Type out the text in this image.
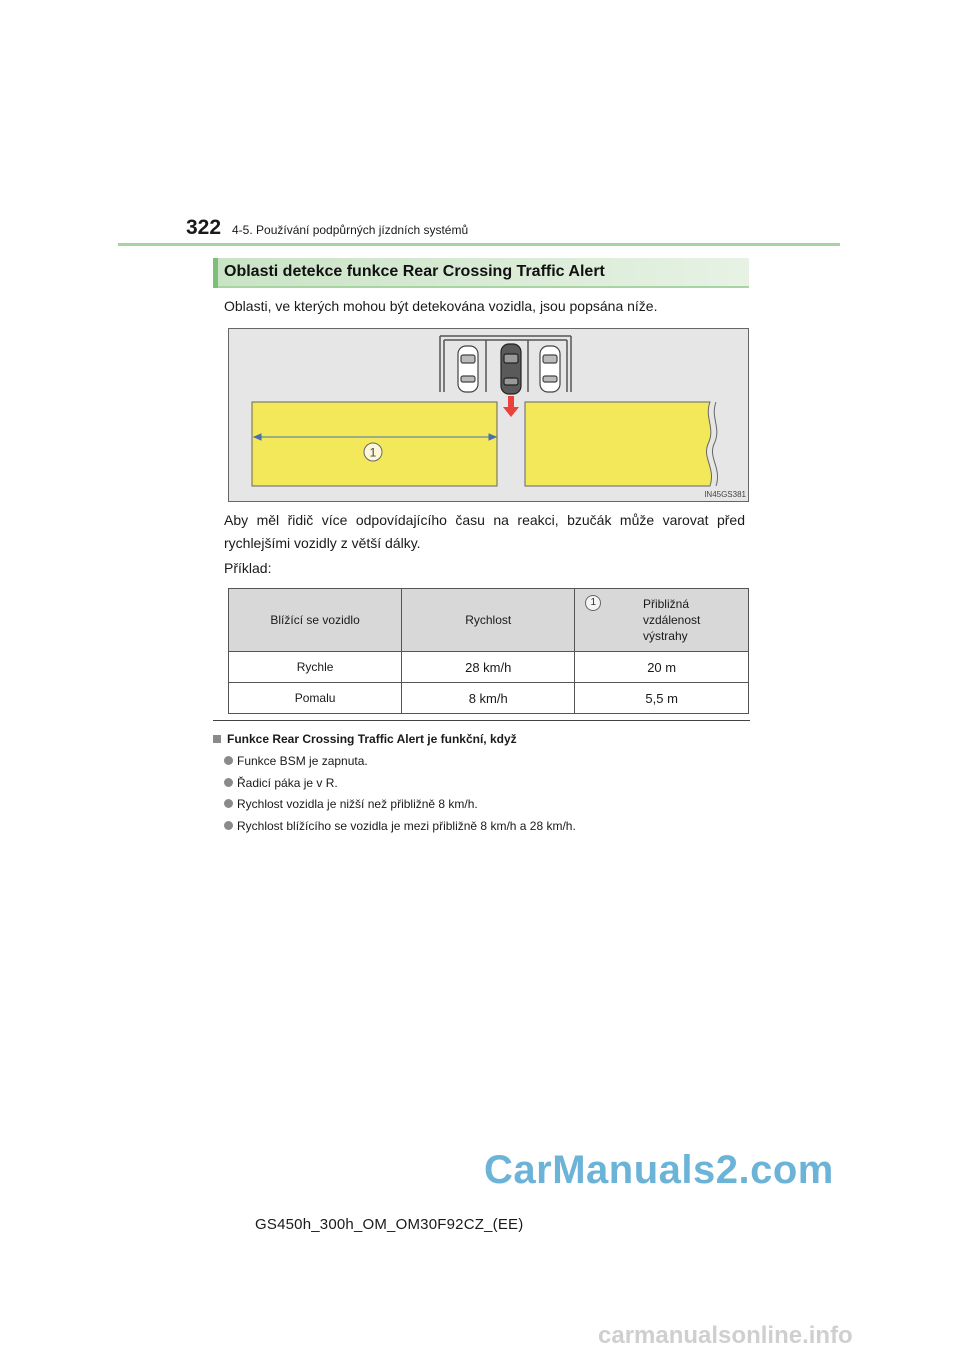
322 4-5. Používání podpůrných jízdních systémů
Oblasti detekce funkce Rear Crossing Traffic Alert
Oblasti, ve kterých mohou být detekována vozidla, jsou popsána níže.
1
IN45GS381
Aby měl řidič více odpovídajícího času na reakci, bzučák může varovat před rychlejšími vozidly z větší dálky.
Příklad:
Blížící se vozidlo	Rychlost	1 Přibližná
vzdálenost
výstrahy
Rychle	28 km/h	20 m
Pomalu	8 km/h	5,5 m
Funkce Rear Crossing Traffic Alert je funkční, když
Funkce BSM je zapnuta.
Řadicí páka je v R.
Rychlost vozidla je nižší než přibližně 8 km/h.
Rychlost blížícího se vozidla je mezi přibližně 8 km/h a 28 km/h.
CarManuals2.com
GS450h_300h_OM_OM30F92CZ_(EE)
carmanualsonline.info
